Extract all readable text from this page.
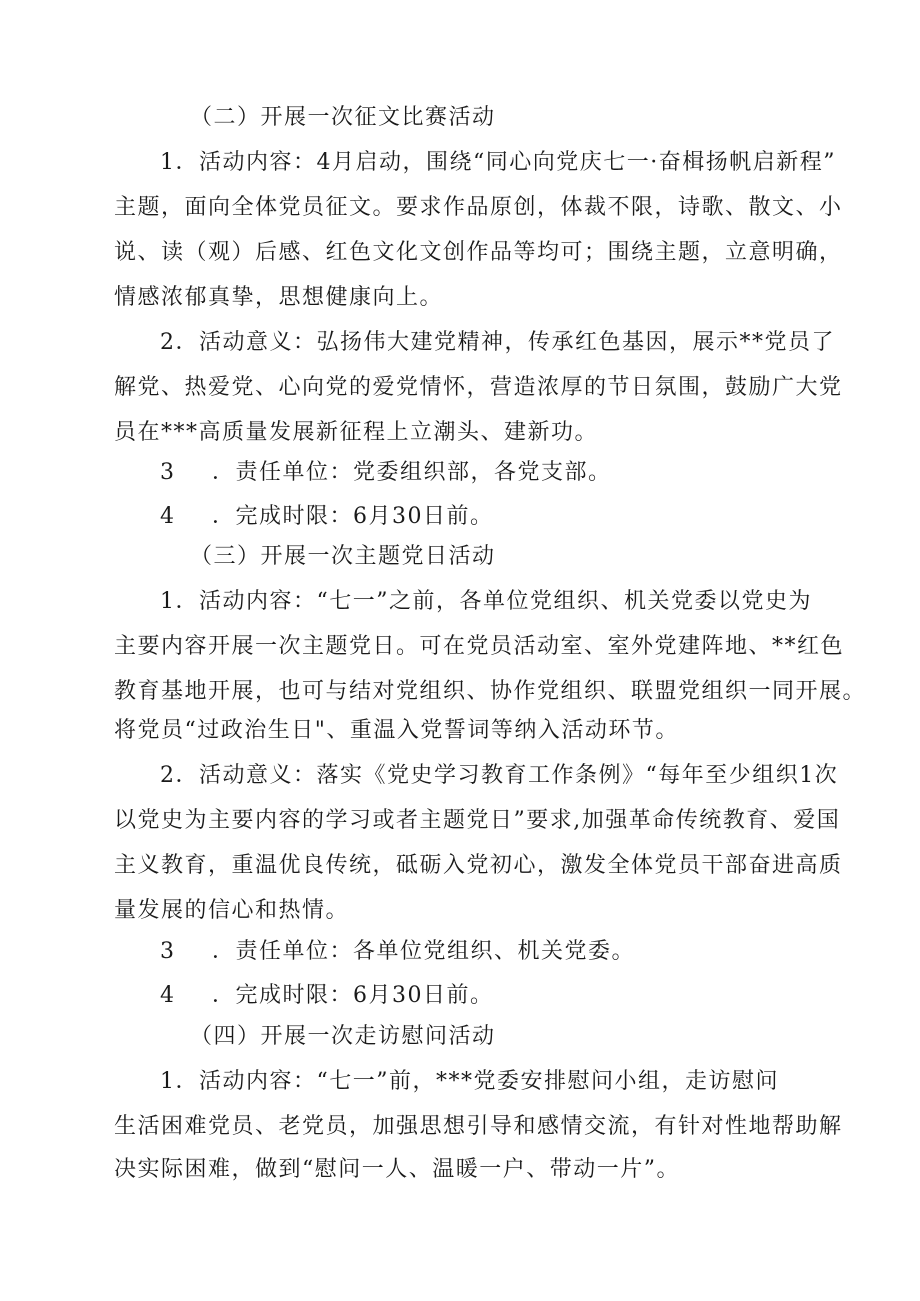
（二）开展一次征文比赛活动
1．活动内容：4月启动，围绕“同心向党庆七一·奋楫扬帆启新程”
主题，面向全体党员征文。要求作品原创，体裁不限，诗歌、散文、小
说、读（观）后感、红色文化文创作品等均可；围绕主题，立意明确，
情感浓郁真挚，思想健康向上。
2．活动意义：弘扬伟大建党精神，传承红色基因，展示**党员了
解党、热爱党、心向党的爱党情怀，营造浓厚的节日氛围，鼓励广大党
员在***高质量发展新征程上立潮头、建新功。
3 ．责任单位：党委组织部，各党支部。
4 ．完成时限：6月30日前。
（三）开展一次主题党日活动
1．活动内容：“七一”之前，各单位党组织、机关党委以党史为
主要内容开展一次主题党日。可在党员活动室、室外党建阵地、**红色
教育基地开展，也可与结对党组织、协作党组织、联盟党组织一同开展。
将党员“过政治生日"、重温入党誓词等纳入活动环节。
2．活动意义：落实《党史学习教育工作条例》“每年至少组织1次
以党史为主要内容的学习或者主题党日”要求,加强革命传统教育、爱国
主义教育，重温优良传统，砥砺入党初心，激发全体党员干部奋进高质
量发展的信心和热情。
3 ．责任单位：各单位党组织、机关党委。
4 ．完成时限：6月30日前。
（四）开展一次走访慰问活动
1．活动内容：“七一”前，***党委安排慰问小组，走访慰问
生活困难党员、老党员，加强思想引导和感情交流，有针对性地帮助解
决实际困难，做到“慰问一人、温暖一户、带动一片”。
